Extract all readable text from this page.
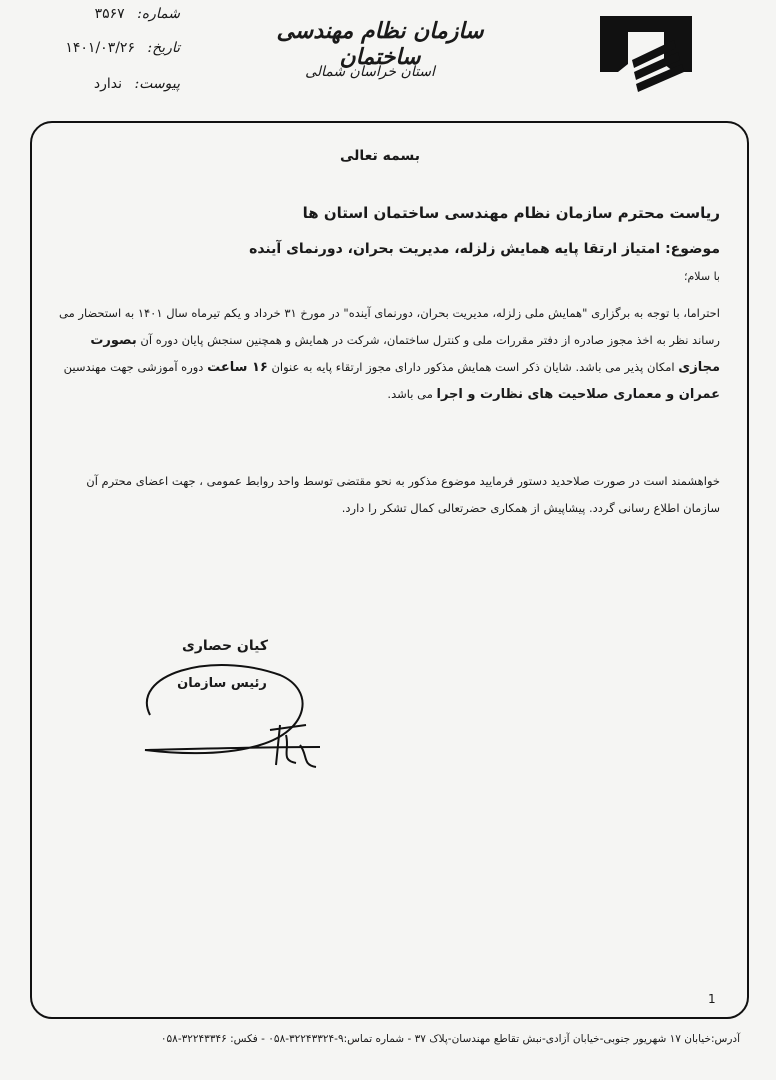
شماره: ۳۵۶۷
تاریخ: ۱۴۰۱/۰۳/۲۶
پیوست: ندارد
سازمان نظام مهندسی ساختمان
استان خراسان شمالی
بسمه تعالی
ریاست محترم سازمان نظام مهندسی ساختمان استان ها
موضوع: امتیاز ارتقا پایه همایش زلزله، مدیریت بحران، دورنمای آینده
با سلام؛
احتراما، با توجه به برگزاری "همایش ملی زلزله، مدیریت بحران، دورنمای آینده" در مورخ ۳۱ خرداد و یکم تیرماه سال ۱۴۰۱ به استحضار می رساند نظر به اخذ مجوز صادره از دفتر مقررات ملی و کنترل ساختمان، شرکت در همایش و همچنین سنجش پایان دوره آن بصورت مجازی امکان پذیر می باشد. شایان ذکر است همایش مذکور دارای مجوز ارتقاء پایه به عنوان ۱۶ ساعت دوره آموزشی جهت مهندسین عمران و معماری صلاحیت های نظارت و اجرا می باشد.
خواهشمند است در صورت صلاحدید دستور فرمایید موضوع مذکور به نحو مقتضی توسط واحد روابط عمومی ، جهت اعضای محترم آن سازمان اطلاع رسانی گردد. پیشاپیش از همکاری حضرتعالی کمال تشکر را دارد.
کیان حصاری
رئیس سازمان
1
آدرس:خیابان ۱۷ شهریور جنوبی-خیابان آزادی-نبش تقاطع مهندسان-پلاک ۳۷ - شماره تماس:۹-۳۲۲۴۳۳۲۴-۰۵۸ - فکس: ۳۲۲۴۳۳۴۶-۰۵۸
